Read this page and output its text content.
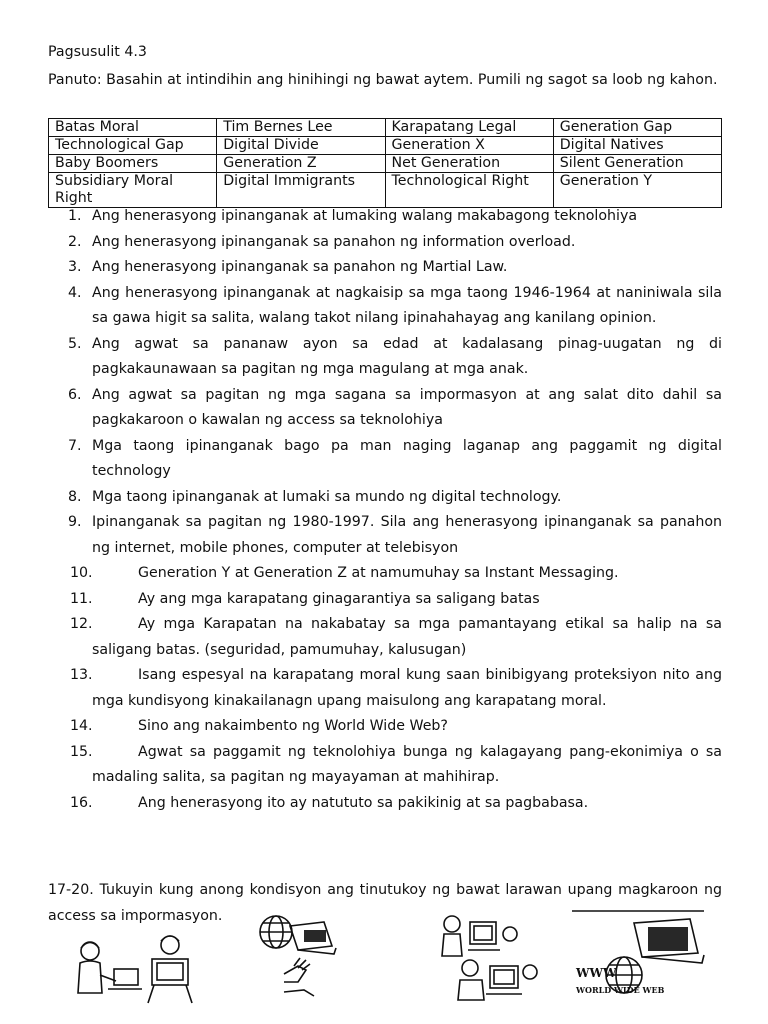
Pagsusulit 4.3
Panuto: Basahin at intindihin ang hinihingi ng bawat aytem. Pumili ng sagot sa loob ng kahon.
Batas Moral	Tim Bernes Lee	Karapatang Legal	Generation Gap
Technological Gap	Digital Divide	Generation X	Digital Natives
Baby Boomers	Generation Z	Net Generation	Silent Generation
Subsidiary Moral Right	Digital Immigrants	Technological Right	Generation Y
1. Ang henerasyong ipinanganak at lumaking walang makabagong teknolohiya
2. Ang henerasyong ipinanganak sa panahon ng information overload.
3. Ang henerasyong ipinanganak sa panahon ng Martial Law.
4. Ang henerasyong ipinanganak at nagkaisip sa mga taong 1946-1964 at naniniwala sila sa gawa higit sa salita, walang takot nilang ipinahahayag ang kanilang opinion.
5. Ang agwat sa pananaw ayon sa edad at kadalasang pinag-uugatan ng di pagkakaunawaan sa pagitan ng mga magulang at mga anak.
6. Ang agwat sa pagitan ng mga sagana sa impormasyon at ang salat dito dahil sa pagkakaroon o kawalan ng access sa teknolohiya
7. Mga taong ipinanganak bago pa man naging laganap ang paggamit ng digital technology
8. Mga taong ipinanganak at lumaki sa mundo ng digital technology.
9. Ipinanganak sa pagitan ng 1980-1997. Sila ang henerasyong ipinanganak sa panahon ng internet, mobile phones, computer at telebisyon
10.	Generation Y at Generation Z at namumuhay sa Instant Messaging.
11.	Ay ang mga karapatang ginagarantiya sa saligang batas
12.	Ay mga Karapatan na nakabatay sa mga pamantayang etikal sa halip na sa saligang batas. (seguridad, pamumuhay, kalusugan)
13.	Isang espesyal na karapatang moral kung saan binibigyang proteksiyon nito ang mga kundisyong kinakailanagn upang maisulong ang karapatang moral.
14.	Sino ang nakaimbento ng World Wide Web?
15.	Agwat sa paggamit ng teknolohiya bunga ng kalagayang pang-ekonimiya o sa madaling salita, sa pagitan ng mayayaman at mahihirap.
16.	Ang henerasyong ito ay natututo sa pakikinig at sa pagbabasa.
17-20. Tukuyin kung anong kondisyon ang tinutukoy ng bawat larawan upang magkaroon ng access sa impormasyon.
WWW
WORLD WIDE WEB
